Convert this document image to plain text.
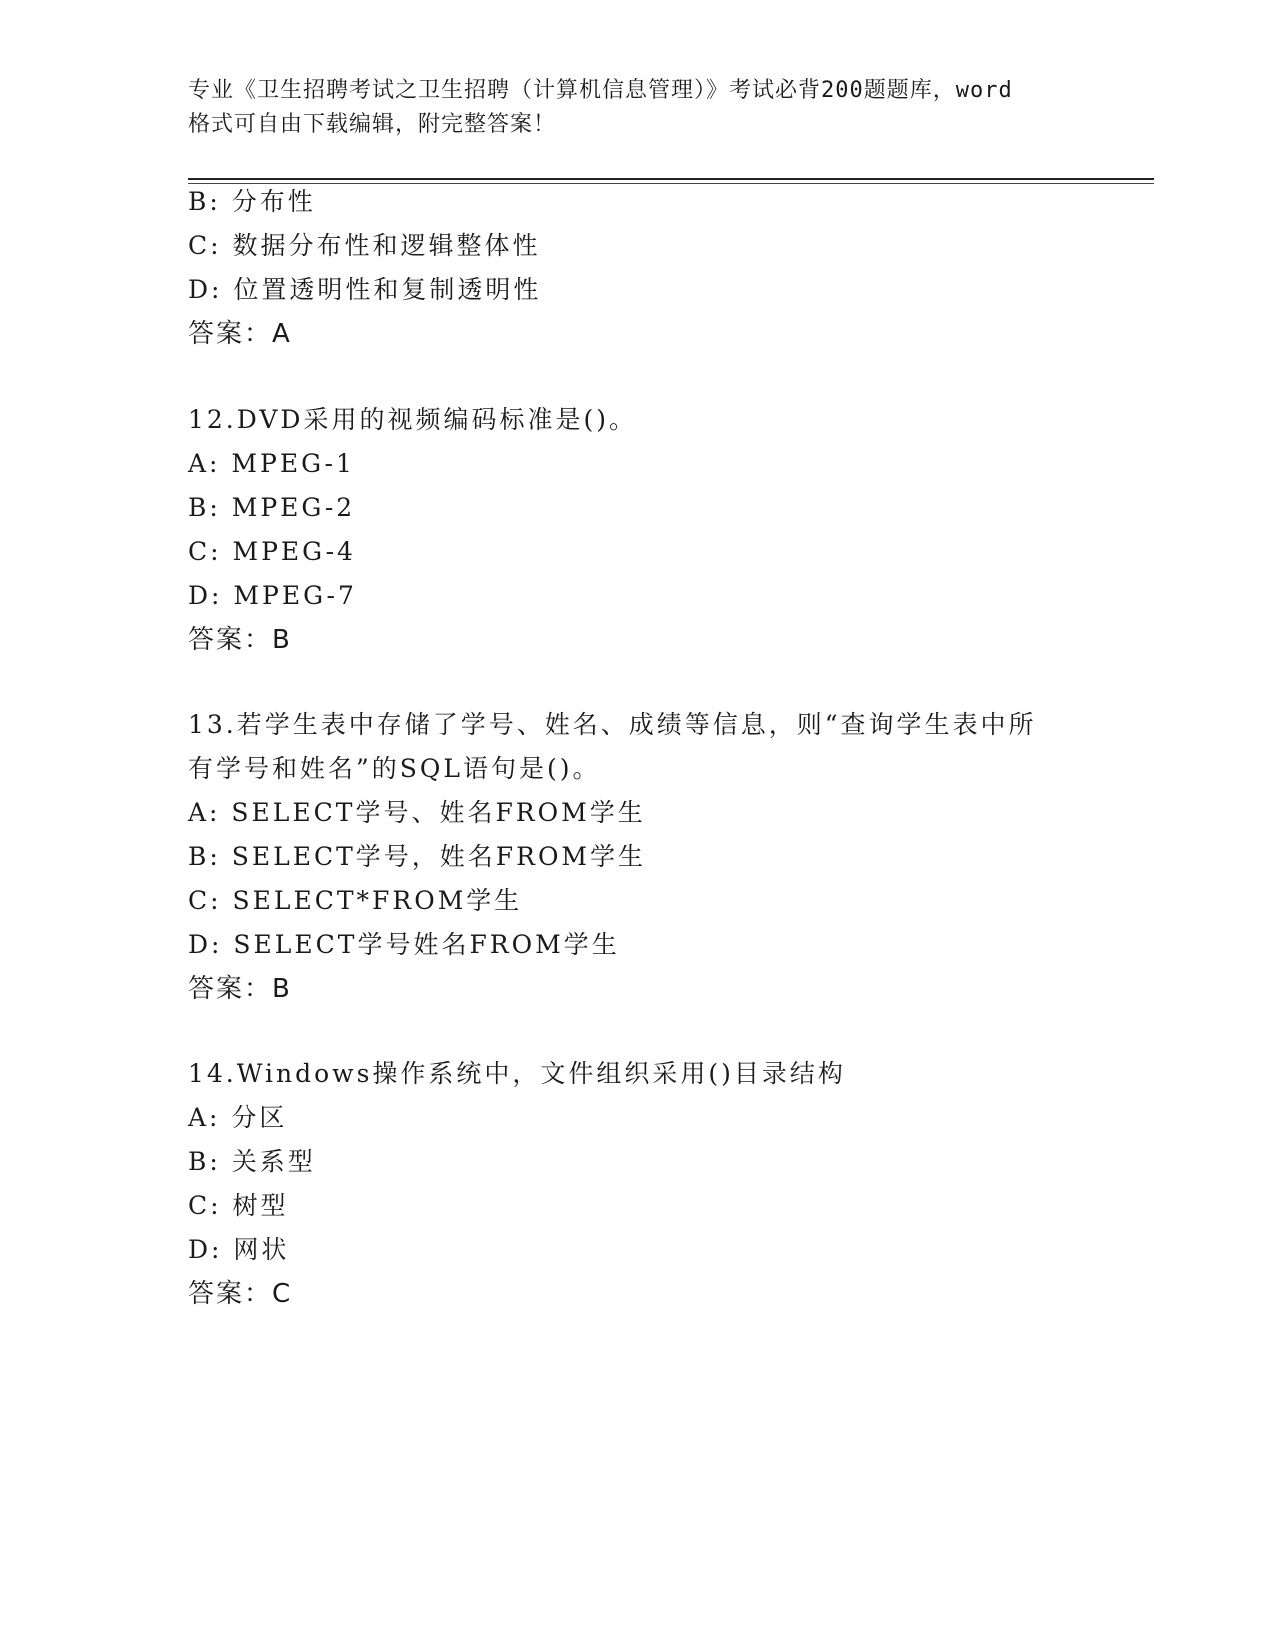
专业《卫生招聘考试之卫生招聘（计算机信息管理）》考试必背200题题库，word
格式可自由下载编辑，附完整答案！
B: 分布性
C: 数据分布性和逻辑整体性
D: 位置透明性和复制透明性
答案：A
12.DVD采用的视频编码标准是()。
A: MPEG-1
B: MPEG-2
C: MPEG-4
D: MPEG-7
答案：B
13.若学生表中存储了学号、姓名、成绩等信息，则“查询学生表中所
有学号和姓名”的SQL语句是()。
A: SELECT学号、姓名FROM学生
B: SELECT学号，姓名FROM学生
C: SELECT*FROM学生
D: SELECT学号姓名FROM学生
答案：B
14.Windows操作系统中，文件组织采用()目录结构
A: 分区
B: 关系型
C: 树型
D: 网状
答案：C
